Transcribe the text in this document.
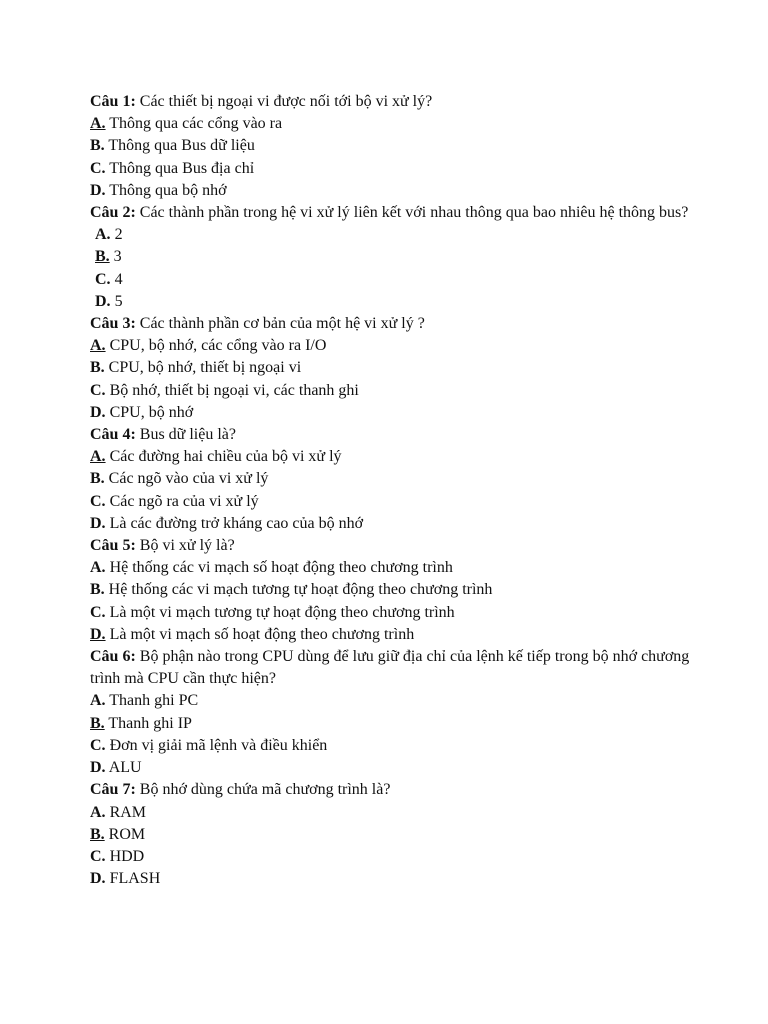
Câu 1: Các thiết bị ngoại vi được nối tới bộ vi xử lý?

A. Thông qua các cổng vào ra

B. Thông qua Bus dữ liệu

C. Thông qua Bus địa chỉ

D. Thông qua bộ nhớ

Câu 2: Các thành phần trong hệ vi xử lý liên kết với nhau thông qua bao nhiêu hệ thông bus?

A. 2

B. 3

C. 4

D. 5

Câu 3: Các thành phần cơ bản của một hệ vi xử lý ?

A. CPU, bộ nhớ, các cổng vào ra I/O

B. CPU, bộ nhớ, thiết bị ngoại vi

C. Bộ nhớ, thiết bị ngoại vi, các thanh ghi

D. CPU, bộ nhớ

Câu 4: Bus dữ liệu là?

A. Các đường hai chiều của bộ vi xử lý

B. Các ngõ vào của vi xử lý

C. Các ngõ ra của vi xử lý

D. Là các đường trở kháng cao của bộ nhớ

Câu 5: Bộ vi xử lý là?

A. Hệ thống các vi mạch số hoạt động theo chương trình

B. Hệ thống các vi mạch tương tự hoạt động theo chương trình

C. Là một vi mạch tương tự hoạt động theo chương trình

D. Là một vi mạch số hoạt động theo chương trình

Câu 6: Bộ phận nào trong CPU dùng để lưu giữ địa chỉ của lệnh kế tiếp trong bộ nhớ chương trình mà CPU cần thực hiện?

A. Thanh ghi PC

B. Thanh ghi IP

C. Đơn vị giải mã lệnh và điều khiển

D. ALU

Câu 7: Bộ nhớ dùng chứa mã chương trình là?

A. RAM

B. ROM

C. HDD

D. FLASH
